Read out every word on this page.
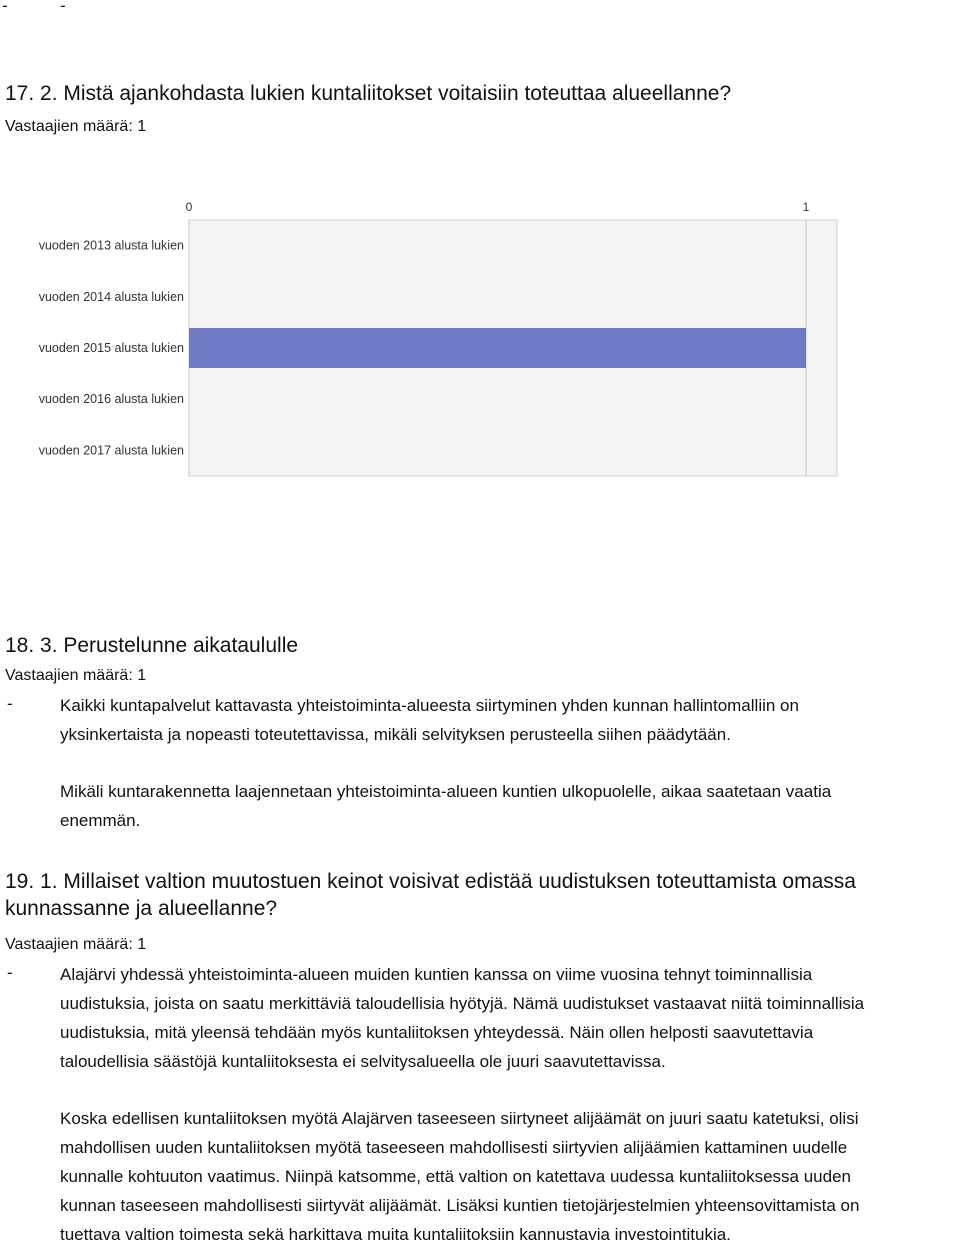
-	-
17. 2. Mistä ajankohdasta lukien kuntaliitokset voitaisiin toteuttaa alueellanne?
Vastaajien määrä: 1
0	1
vuoden 2013 alusta lukien
vuoden 2014 alusta lukien
vuoden 2015 alusta lukien
vuoden 2016 alusta lukien
vuoden 2017 alusta lukien
18. 3. Perustelunne aikataululle
Vastaajien määrä: 1
-	Kaikki kuntapalvelut kattavasta yhteistoiminta-alueesta siirtyminen yhden kunnan hallintomalliin on
yksinkertaista ja nopeasti toteutettavissa, mikäli selvityksen perusteella siihen päädytään.
Mikäli kuntarakennetta laajennetaan yhteistoiminta-alueen kuntien ulkopuolelle, aikaa saatetaan vaatia
enemmän.
19. 1. Millaiset valtion muutostuen keinot voisivat edistää uudistuksen toteuttamista omassa
kunnassanne ja alueellanne?
Vastaajien määrä: 1
-	Alajärvi yhdessä yhteistoiminta-alueen muiden kuntien kanssa on viime vuosina tehnyt toiminnallisia
uudistuksia, joista on saatu merkittäviä taloudellisia hyötyjä. Nämä uudistukset vastaavat niitä toiminnallisia
uudistuksia, mitä yleensä tehdään myös kuntaliitoksen yhteydessä. Näin ollen helposti saavutettavia
taloudellisia säästöjä kuntaliitoksesta ei selvitysalueella ole juuri saavutettavissa.
Koska edellisen kuntaliitoksen myötä Alajärven taseeseen siirtyneet alijäämät on juuri saatu katetuksi, olisi
mahdollisen uuden kuntaliitoksen myötä taseeseen mahdollisesti siirtyvien alijäämien kattaminen uudelle
kunnalle kohtuuton vaatimus. Niinpä katsomme, että valtion on katettava uudessa kuntaliitoksessa uuden
kunnan taseeseen mahdollisesti siirtyvät alijäämät. Lisäksi kuntien tietojärjestelmien yhteensovittamista on
tuettava valtion toimesta sekä harkittava muita kuntaliitoksiin kannustavia investointitukia.
